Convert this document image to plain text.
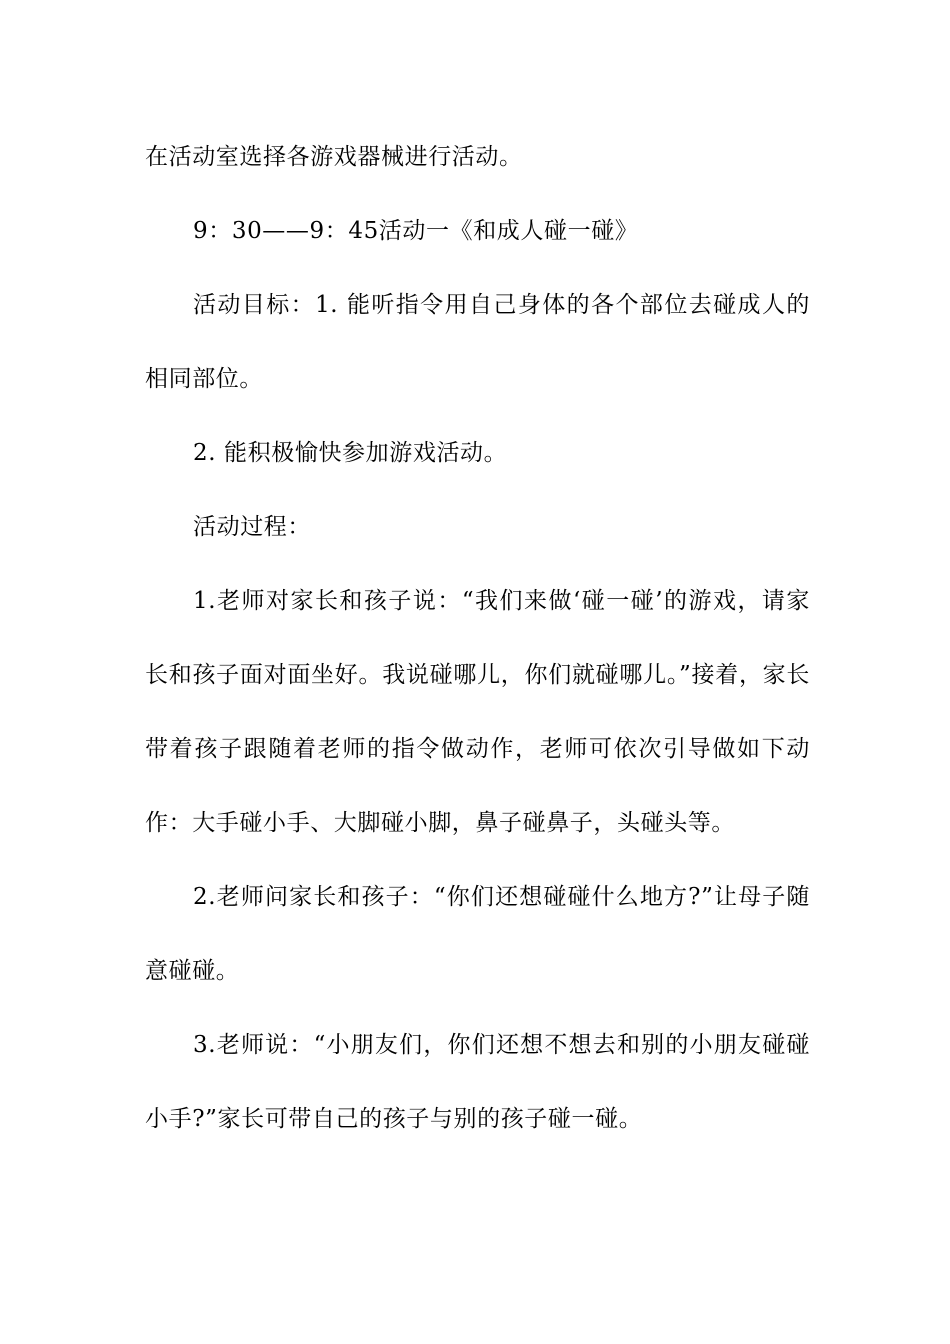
在活动室选择各游戏器械进行活动。

9：30——9：45活动一《和成人碰一碰》

活动目标：1. 能听指令用自己身体的各个部位去碰成人的相同部位。

2. 能积极愉快参加游戏活动。

活动过程：

1.老师对家长和孩子说：“我们来做‘碰一碰’的游戏，请家长和孩子面对面坐好。我说碰哪儿，你们就碰哪儿。”接着，家长带着孩子跟随着老师的指令做动作，老师可依次引导做如下动作：大手碰小手、大脚碰小脚，鼻子碰鼻子，头碰头等。

2.老师问家长和孩子：“你们还想碰碰什么地方?”让母子随意碰碰。

3.老师说：“小朋友们，你们还想不想去和别的小朋友碰碰小手?”家长可带自己的孩子与别的孩子碰一碰。
